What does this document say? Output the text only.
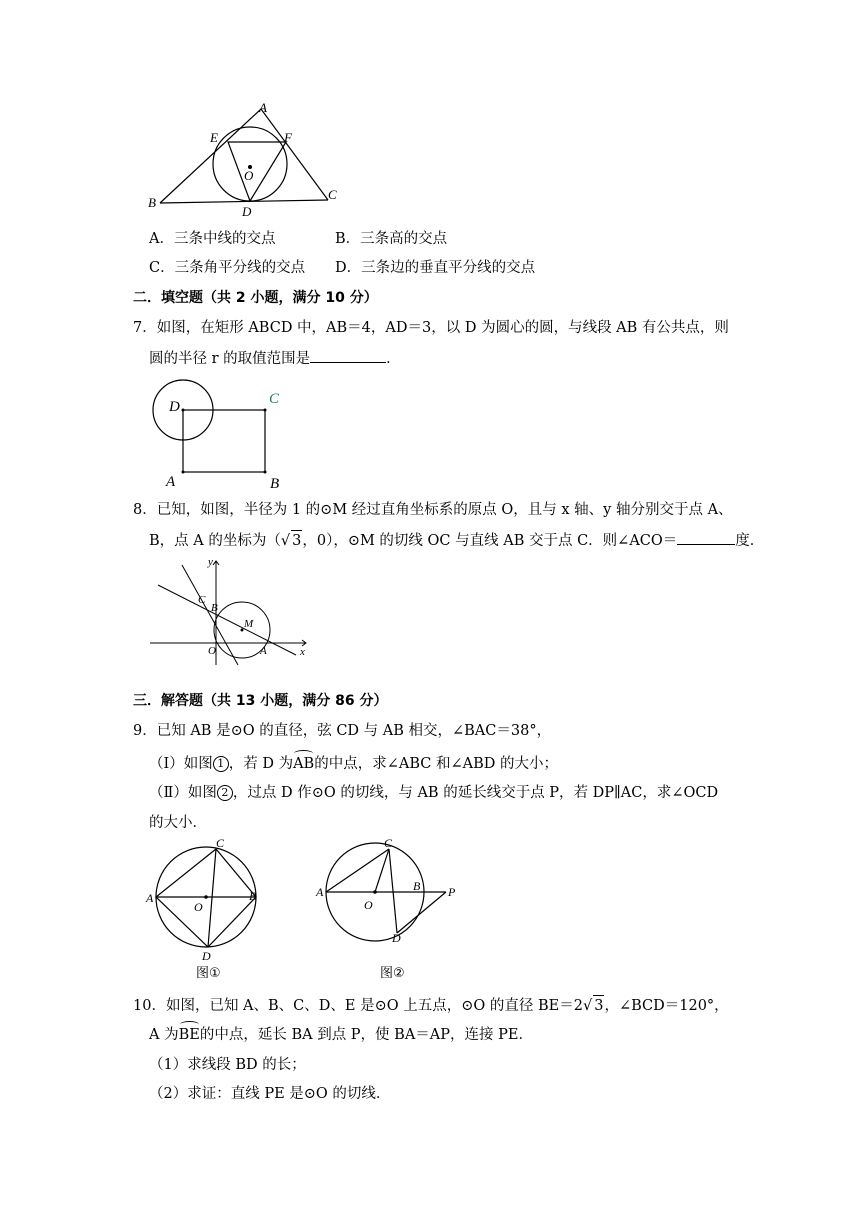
A
E	F
O
B
C
D
A．三条中线的交点	B．三条高的交点
C．三条角平分线的交点 D．三条边的垂直平分线的交点
二．填空题（共 2 小题，满分 10 分）
7．如图，在矩形 ABCD 中，AB＝4，AD＝3，以 D 为圆心的圆，与线段 AB 有公共点，则
圆的半径 r 的取值范围是	．
D	C
A	B
8．已知，如图，半径为 1 的⊙M 经过直角坐标系的原点 O，且与 x 轴、y 轴分别交于点 A、
B，点 A 的坐标为（√ 3，0），⊙M 的切线 OC 与直线 AB 交于点 C．则∠ACO＝	度．
y
x
C
B
M
O	A
三．解答题（共 13 小题，满分 86 分）
9．已知 AB 是⊙O 的直径，弦 CD 与 AB 相交，∠BAC＝38°，
（I）如图 1 ，若 D 为AB的中点，求∠ABC 和∠ABD 的大小；
（Ⅱ）如图 2 ，过点 D 作⊙O 的切线，与 AB 的延长线交于点 P，若 DP∥AC，求∠OCD
的大小．
C
A	B
O
D
图①
C
A	B
O
D
P
图②
10．如图，已知 A、B、C、D、E 是⊙O 上五点，⊙O 的直径 BE＝2√ 3，∠BCD＝120°，
A 为BE的中点，延长 BA 到点 P，使 BA＝AP，连接 PE．
（1）求线段 BD 的长；
（2）求证：直线 PE 是⊙O 的切线．
